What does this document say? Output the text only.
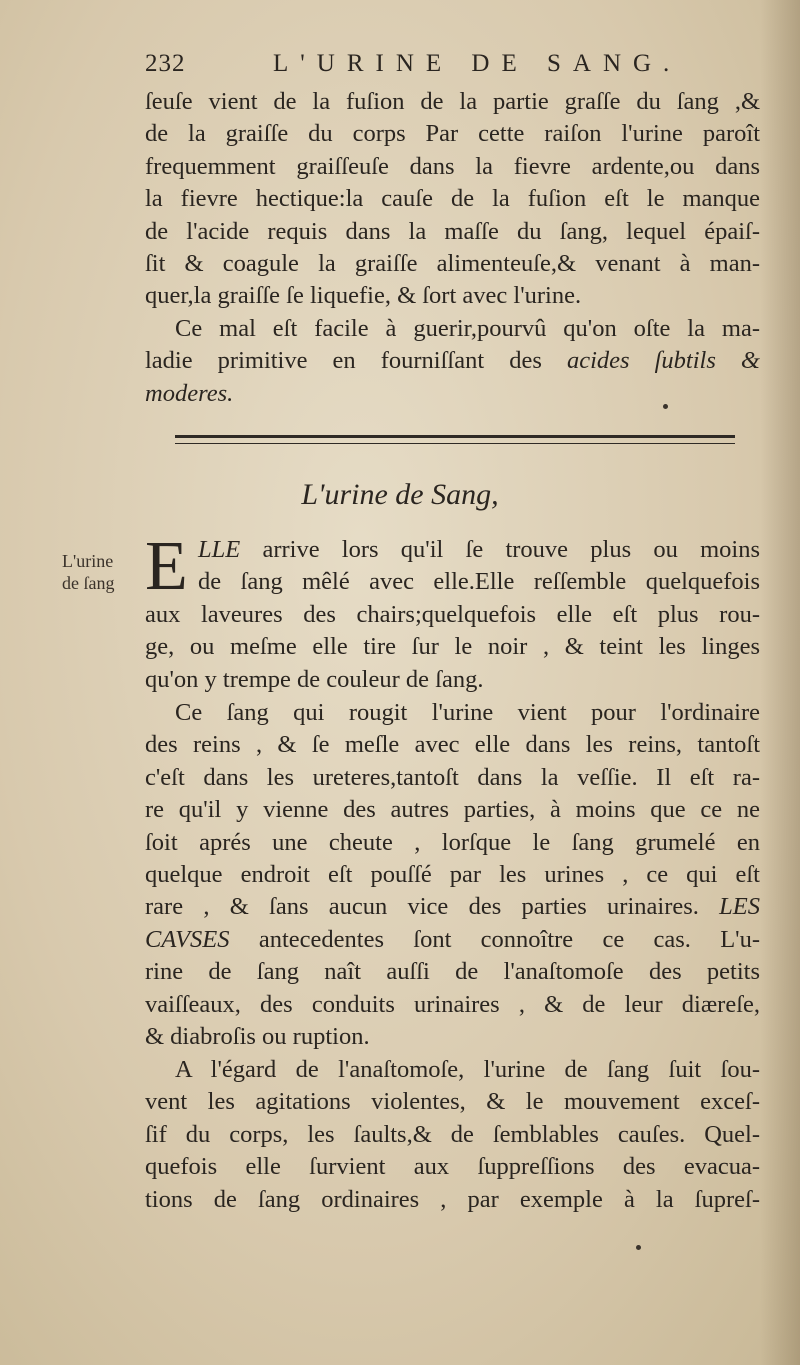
232	L'URINE DE SANG.
ſeuſe vient de la fuſion de la partie graſſe du ſang ,&
de la graiſſe du corps Par cette raiſon l'urine paroît
frequemment graiſſeuſe dans la fievre ardente,ou dans
la fievre hectique:la cauſe de la fuſion eſt le manque
de l'acide requis dans la maſſe du ſang, lequel épaiſ-
ſit & coagule la graiſſe alimenteuſe,& venant à man-
quer,la graiſſe ſe liquefie, & ſort avec l'urine.
Ce mal eſt facile à guerir,pourvû qu'on oſte la ma-
ladie primitive en fourniſſant des acides ſubtils &
moderes.
L'urine de Sang,
L'urine
de ſang E LLE arrive lors qu'il ſe trouve plus ou moins
de ſang mêlé avec elle.Elle reſſemble quelquefois
aux laveures des chairs;quelquefois elle eſt plus rou-
ge, ou meſme elle tire ſur le noir , & teint les linges
qu'on y trempe de couleur de ſang.
Ce ſang qui rougit l'urine vient pour l'ordinaire
des reins , & ſe meſle avec elle dans les reins, tantoſt
c'eſt dans les ureteres,tantoſt dans la veſſie. Il eſt ra-
re qu'il y vienne des autres parties, à moins que ce ne
ſoit aprés une cheute , lorſque le ſang grumelé en
quelque endroit eſt pouſſé par les urines , ce qui eſt
rare , & ſans aucun vice des parties urinaires. LES
CAVSES antecedentes ſont connoître ce cas. L'u-
rine de ſang naît auſſi de l'anaſtomoſe des petits
vaiſſeaux, des conduits urinaires , & de leur diæreſe,
& diabroſis ou ruption.
A l'égard de l'anaſtomoſe, l'urine de ſang ſuit ſou-
vent les agitations violentes, & le mouvement exceſ-
ſif du corps, les ſaults,& de ſemblables cauſes. Quel-
quefois elle ſurvient aux ſuppreſſions des evacua-
tions de ſang ordinaires , par exemple à la ſupreſ-
